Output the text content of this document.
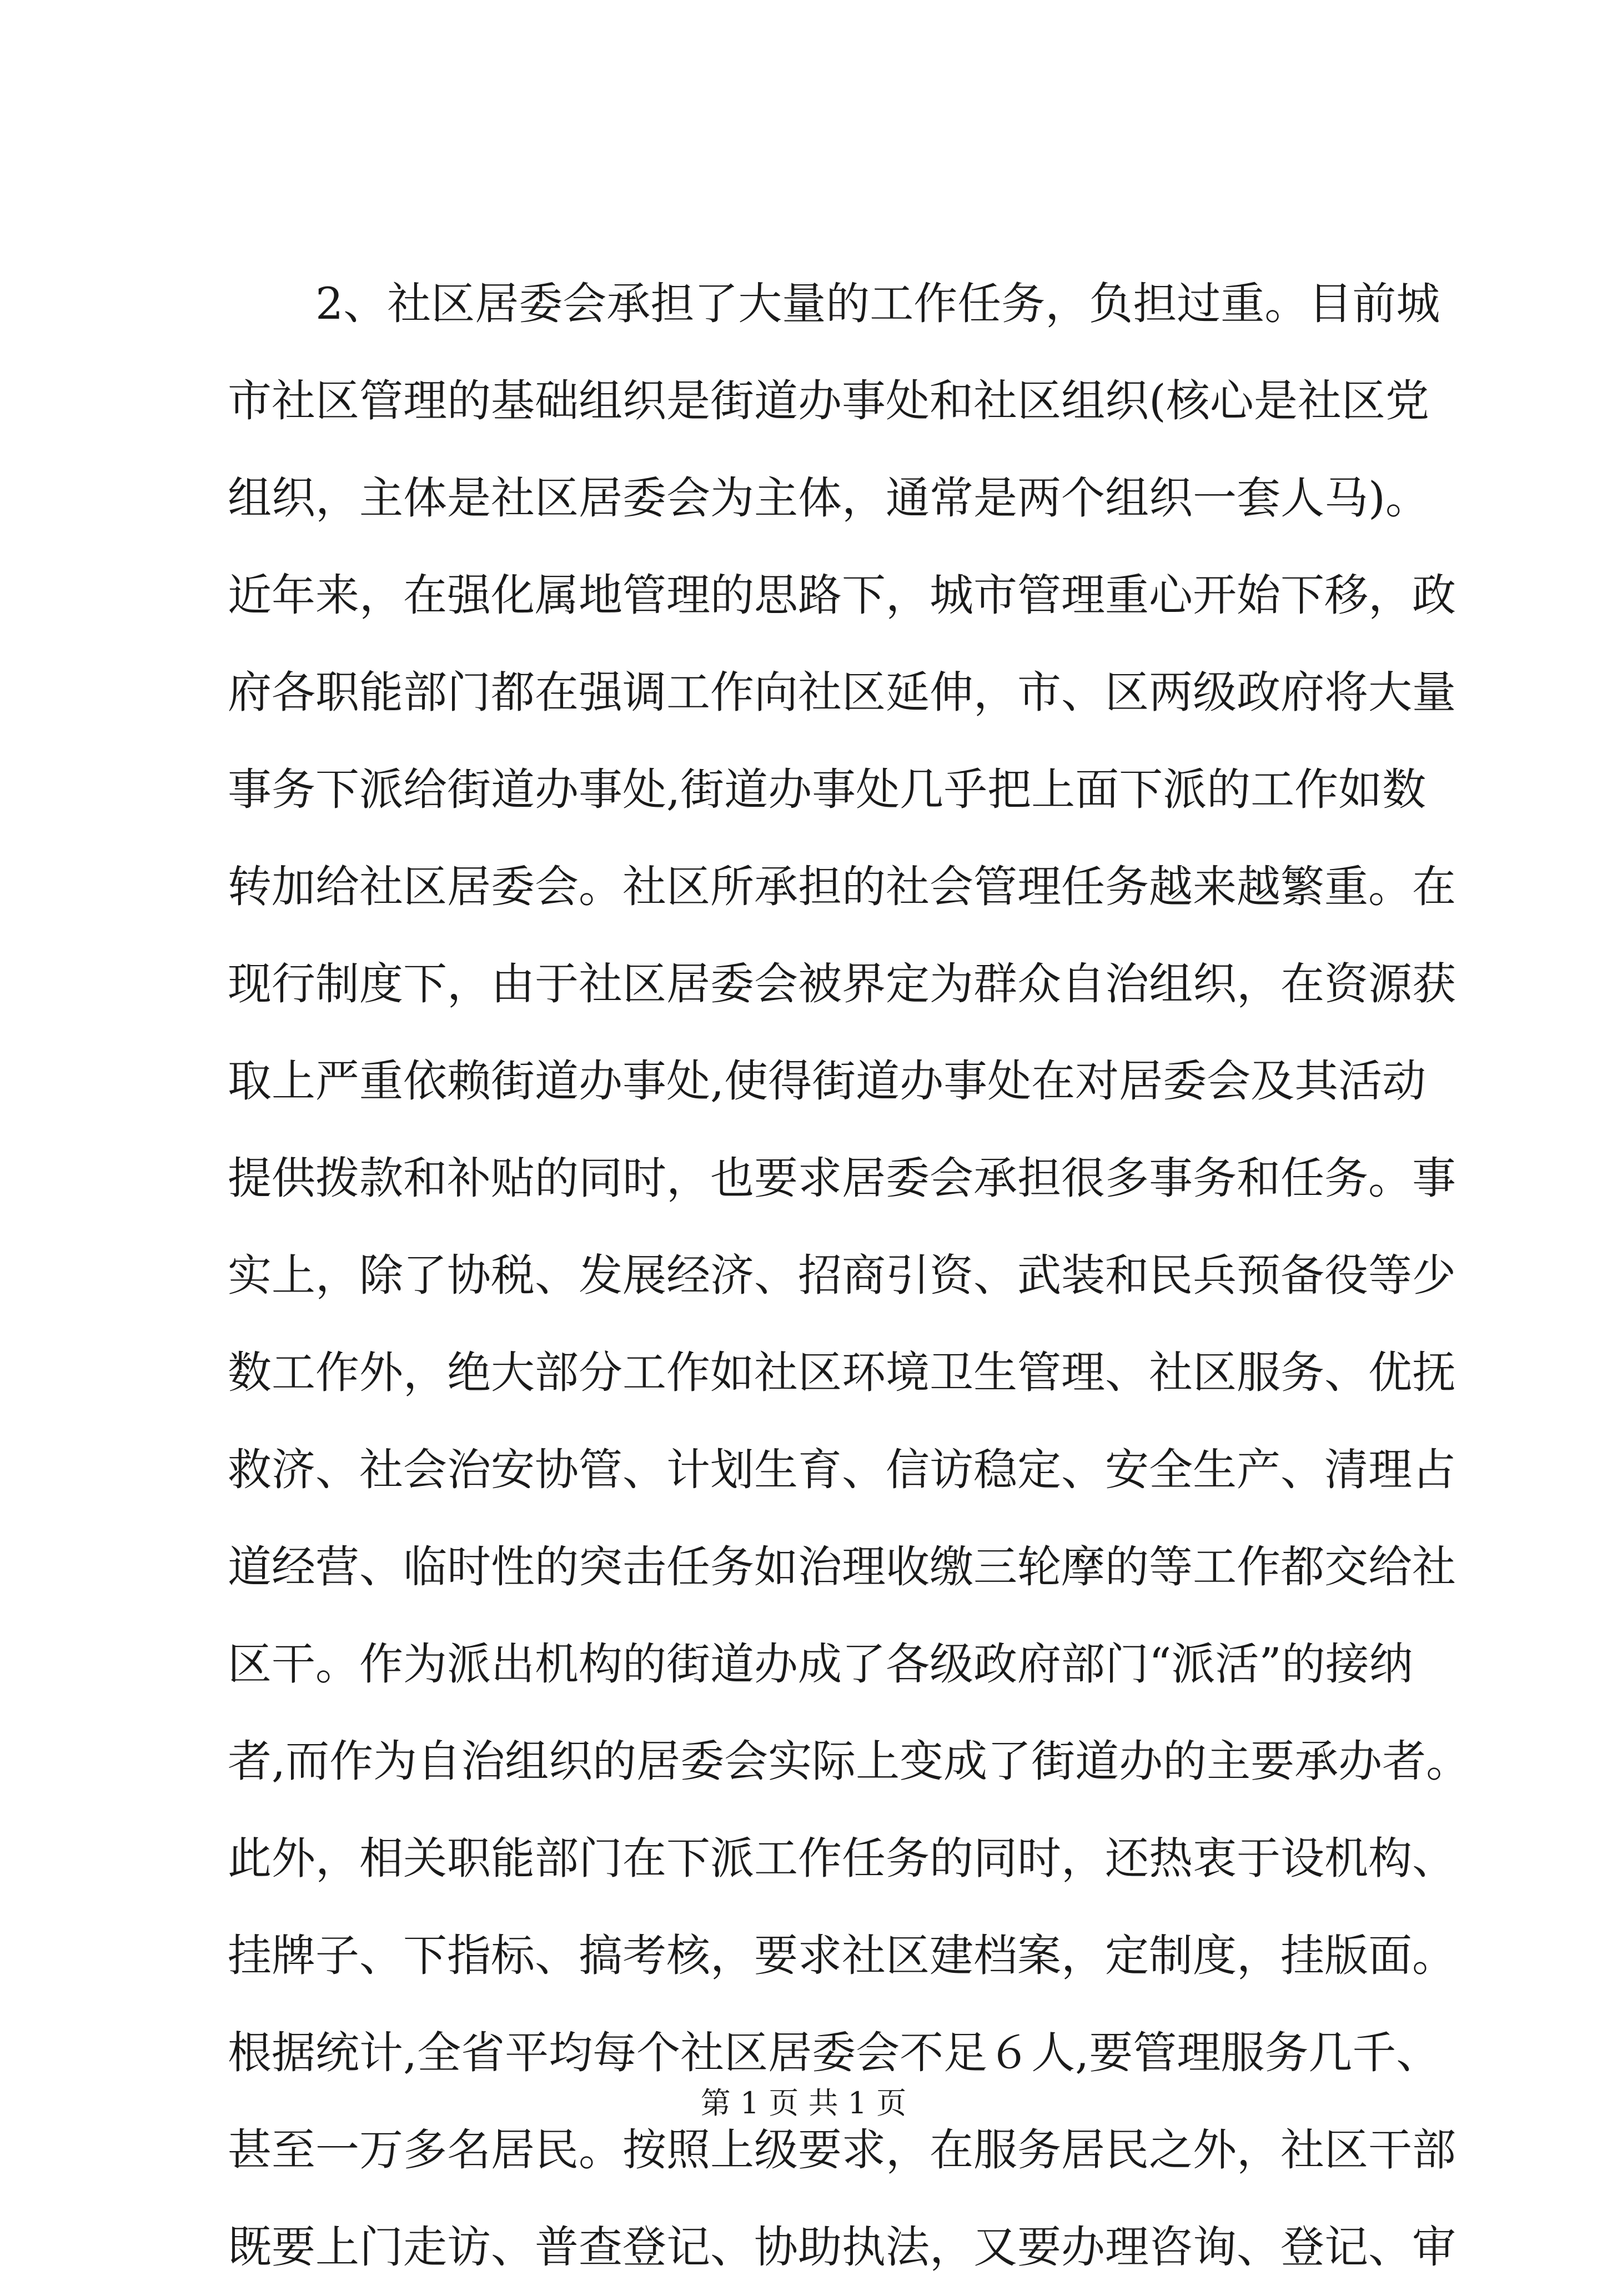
2、社区居委会承担了大量的工作任务，负担过重。目前城
市社区管理的基础组织是街道办事处和社区组织(核心是社区党
组织，主体是社区居委会为主体，通常是两个组织一套人马)。
近年来，在强化属地管理的思路下，城市管理重心开始下移，政
府各职能部门都在强调工作向社区延伸，市、区两级政府将大量
事务下派给街道办事处,街道办事处几乎把上面下派的工作如数
转加给社区居委会。社区所承担的社会管理任务越来越繁重。在
现行制度下，由于社区居委会被界定为群众自治组织，在资源获
取上严重依赖街道办事处,使得街道办事处在对居委会及其活动
提供拨款和补贴的同时，也要求居委会承担很多事务和任务。事
实上，除了协税、发展经济、招商引资、武装和民兵预备役等少
数工作外，绝大部分工作如社区环境卫生管理、社区服务、优抚
救济、社会治安协管、计划生育、信访稳定、安全生产、清理占
道经营、临时性的突击任务如治理收缴三轮摩的等工作都交给社
区干。作为派出机构的街道办成了各级政府部门“派活”的接纳
者,而作为自治组织的居委会实际上变成了街道办的主要承办者。
此外，相关职能部门在下派工作任务的同时，还热衷于设机构、
挂牌子、下指标、搞考核，要求社区建档案，定制度，挂版面。
根据统计,全省平均每个社区居委会不足６人,要管理服务几千、
甚至一万多名居民。按照上级要求，在服务居民之外，社区干部
既要上门走访、普查登记、协助执法，又要办理咨询、登记、审
第 1 页 共 1 页
